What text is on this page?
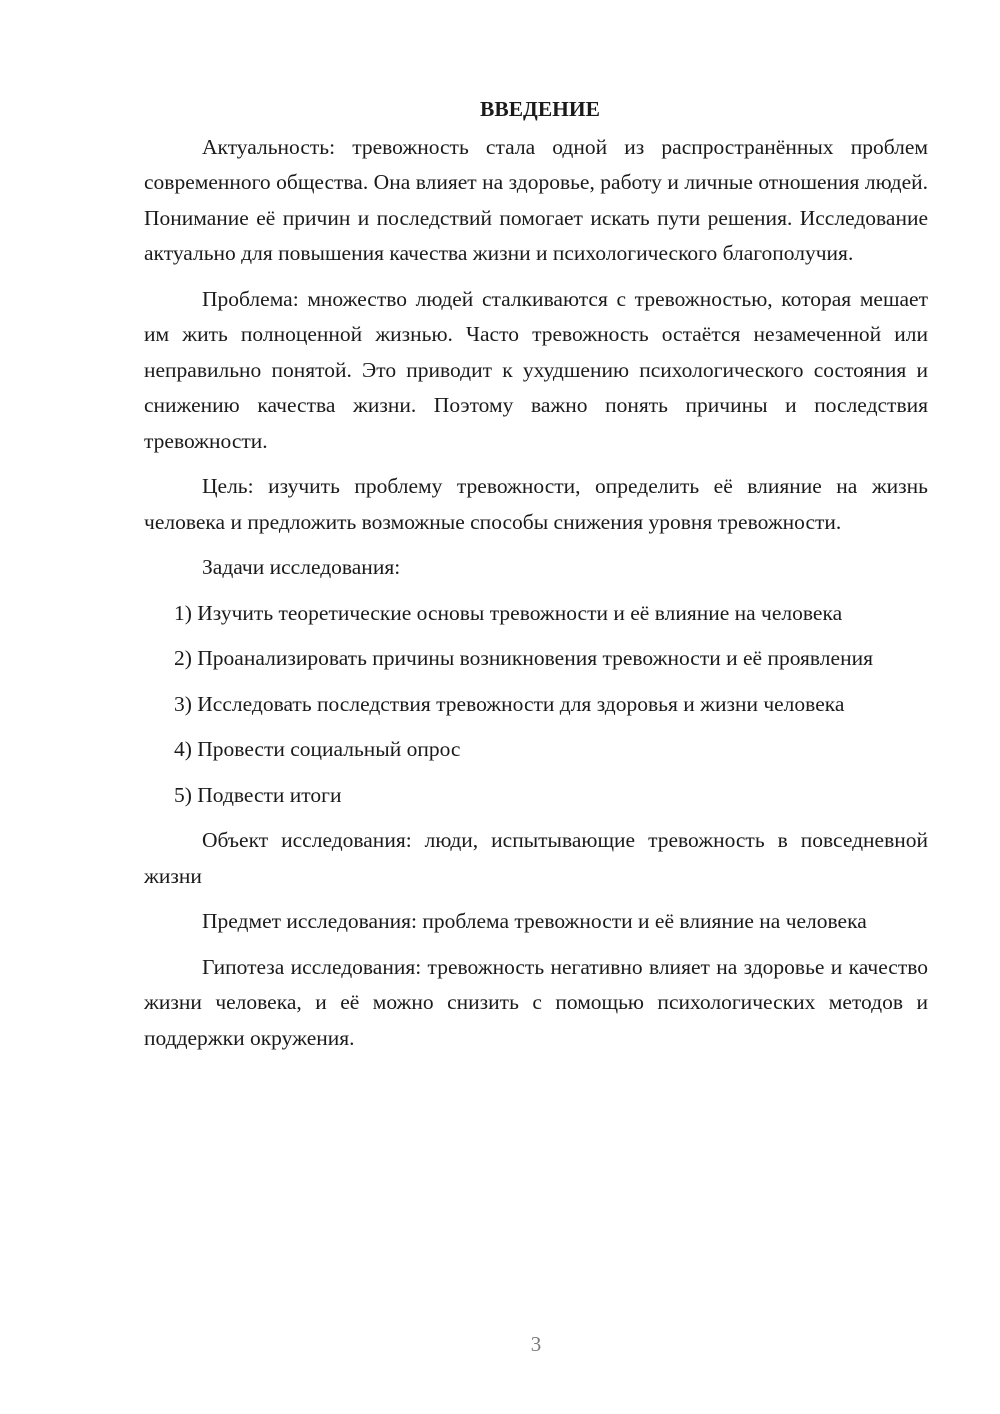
ВВЕДЕНИЕ

Актуальность: тревожность стала одной из распространённых проблем современного общества. Она влияет на здоровье, работу и личные отношения людей. Понимание её причин и последствий помогает искать пути решения. Исследование актуально для повышения качества жизни и психологического благополучия.

Проблема: множество людей сталкиваются с тревожностью, которая мешает им жить полноценной жизнью. Часто тревожность остаётся незамеченной или неправильно понятой. Это приводит к ухудшению психологического состояния и снижению качества жизни. Поэтому важно понять причины и последствия тревожности.

Цель: изучить проблему тревожности, определить её влияние на жизнь человека и предложить возможные способы снижения уровня тревожности.

Задачи исследования:

1) Изучить теоретические основы тревожности и её влияние на человека

2) Проанализировать причины возникновения тревожности и её проявления

3) Исследовать последствия тревожности для здоровья и жизни человека

4) Провести социальный опрос

5) Подвести итоги

Объект исследования: люди, испытывающие тревожность в повседневной жизни

Предмет исследования: проблема тревожности и её влияние на человека

Гипотеза исследования: тревожность негативно влияет на здоровье и качество жизни человека, и её можно снизить с помощью психологических методов и поддержки окружения.

3
